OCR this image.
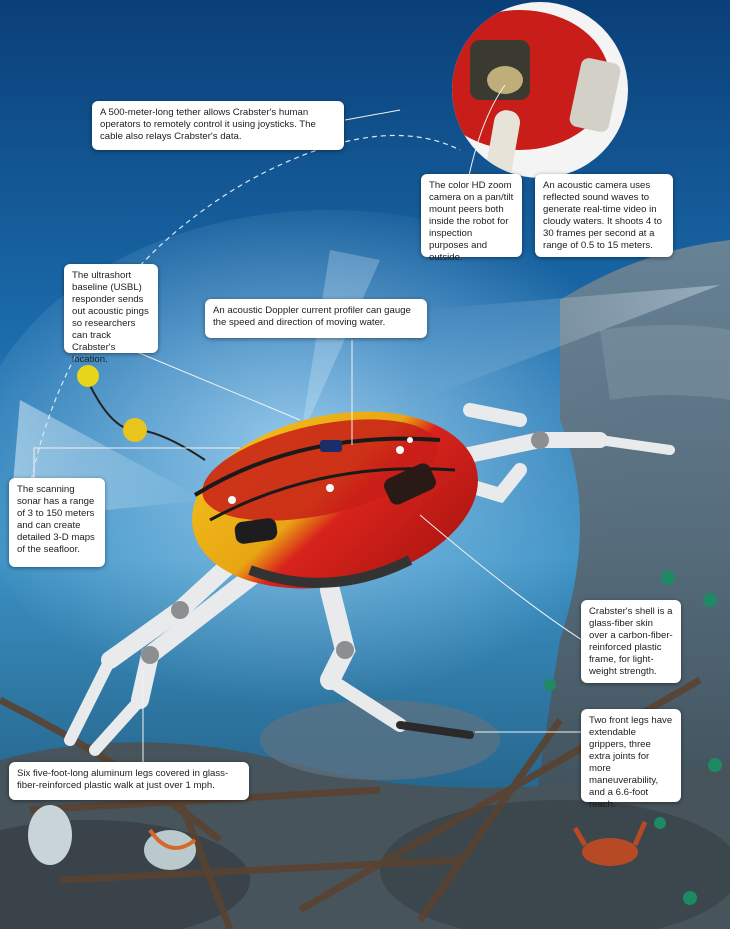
A 500-meter-long tether allows Crabster's human operators to remotely control it using joysticks. The cable also relays Crabster's data.
The color HD zoom camera on a pan/tilt mount peers both inside the robot for inspection purposes and outside.
An acoustic camera uses reflected sound waves to generate real-time video in cloudy waters. It shoots 4 to 30 frames per second at a range of 0.5 to 15 meters.
The ultrashort baseline (USBL) responder sends out acoustic pings so researchers can track Crabster's location.
An acoustic Doppler current profiler can gauge the speed and direction of moving water.
The scanning sonar has a range of 3 to 150 meters and can create detailed 3-D maps of the seafloor.
Crabster's shell is a glass-fiber skin over a carbon-fiber-reinforced plastic frame, for light-weight strength.
Two front legs have extendable grippers, three extra joints for more maneuverability, and a 6.6-foot reach.
Six five-foot-long aluminum legs covered in glass-fiber-reinforced plastic walk at just over 1 mph.
